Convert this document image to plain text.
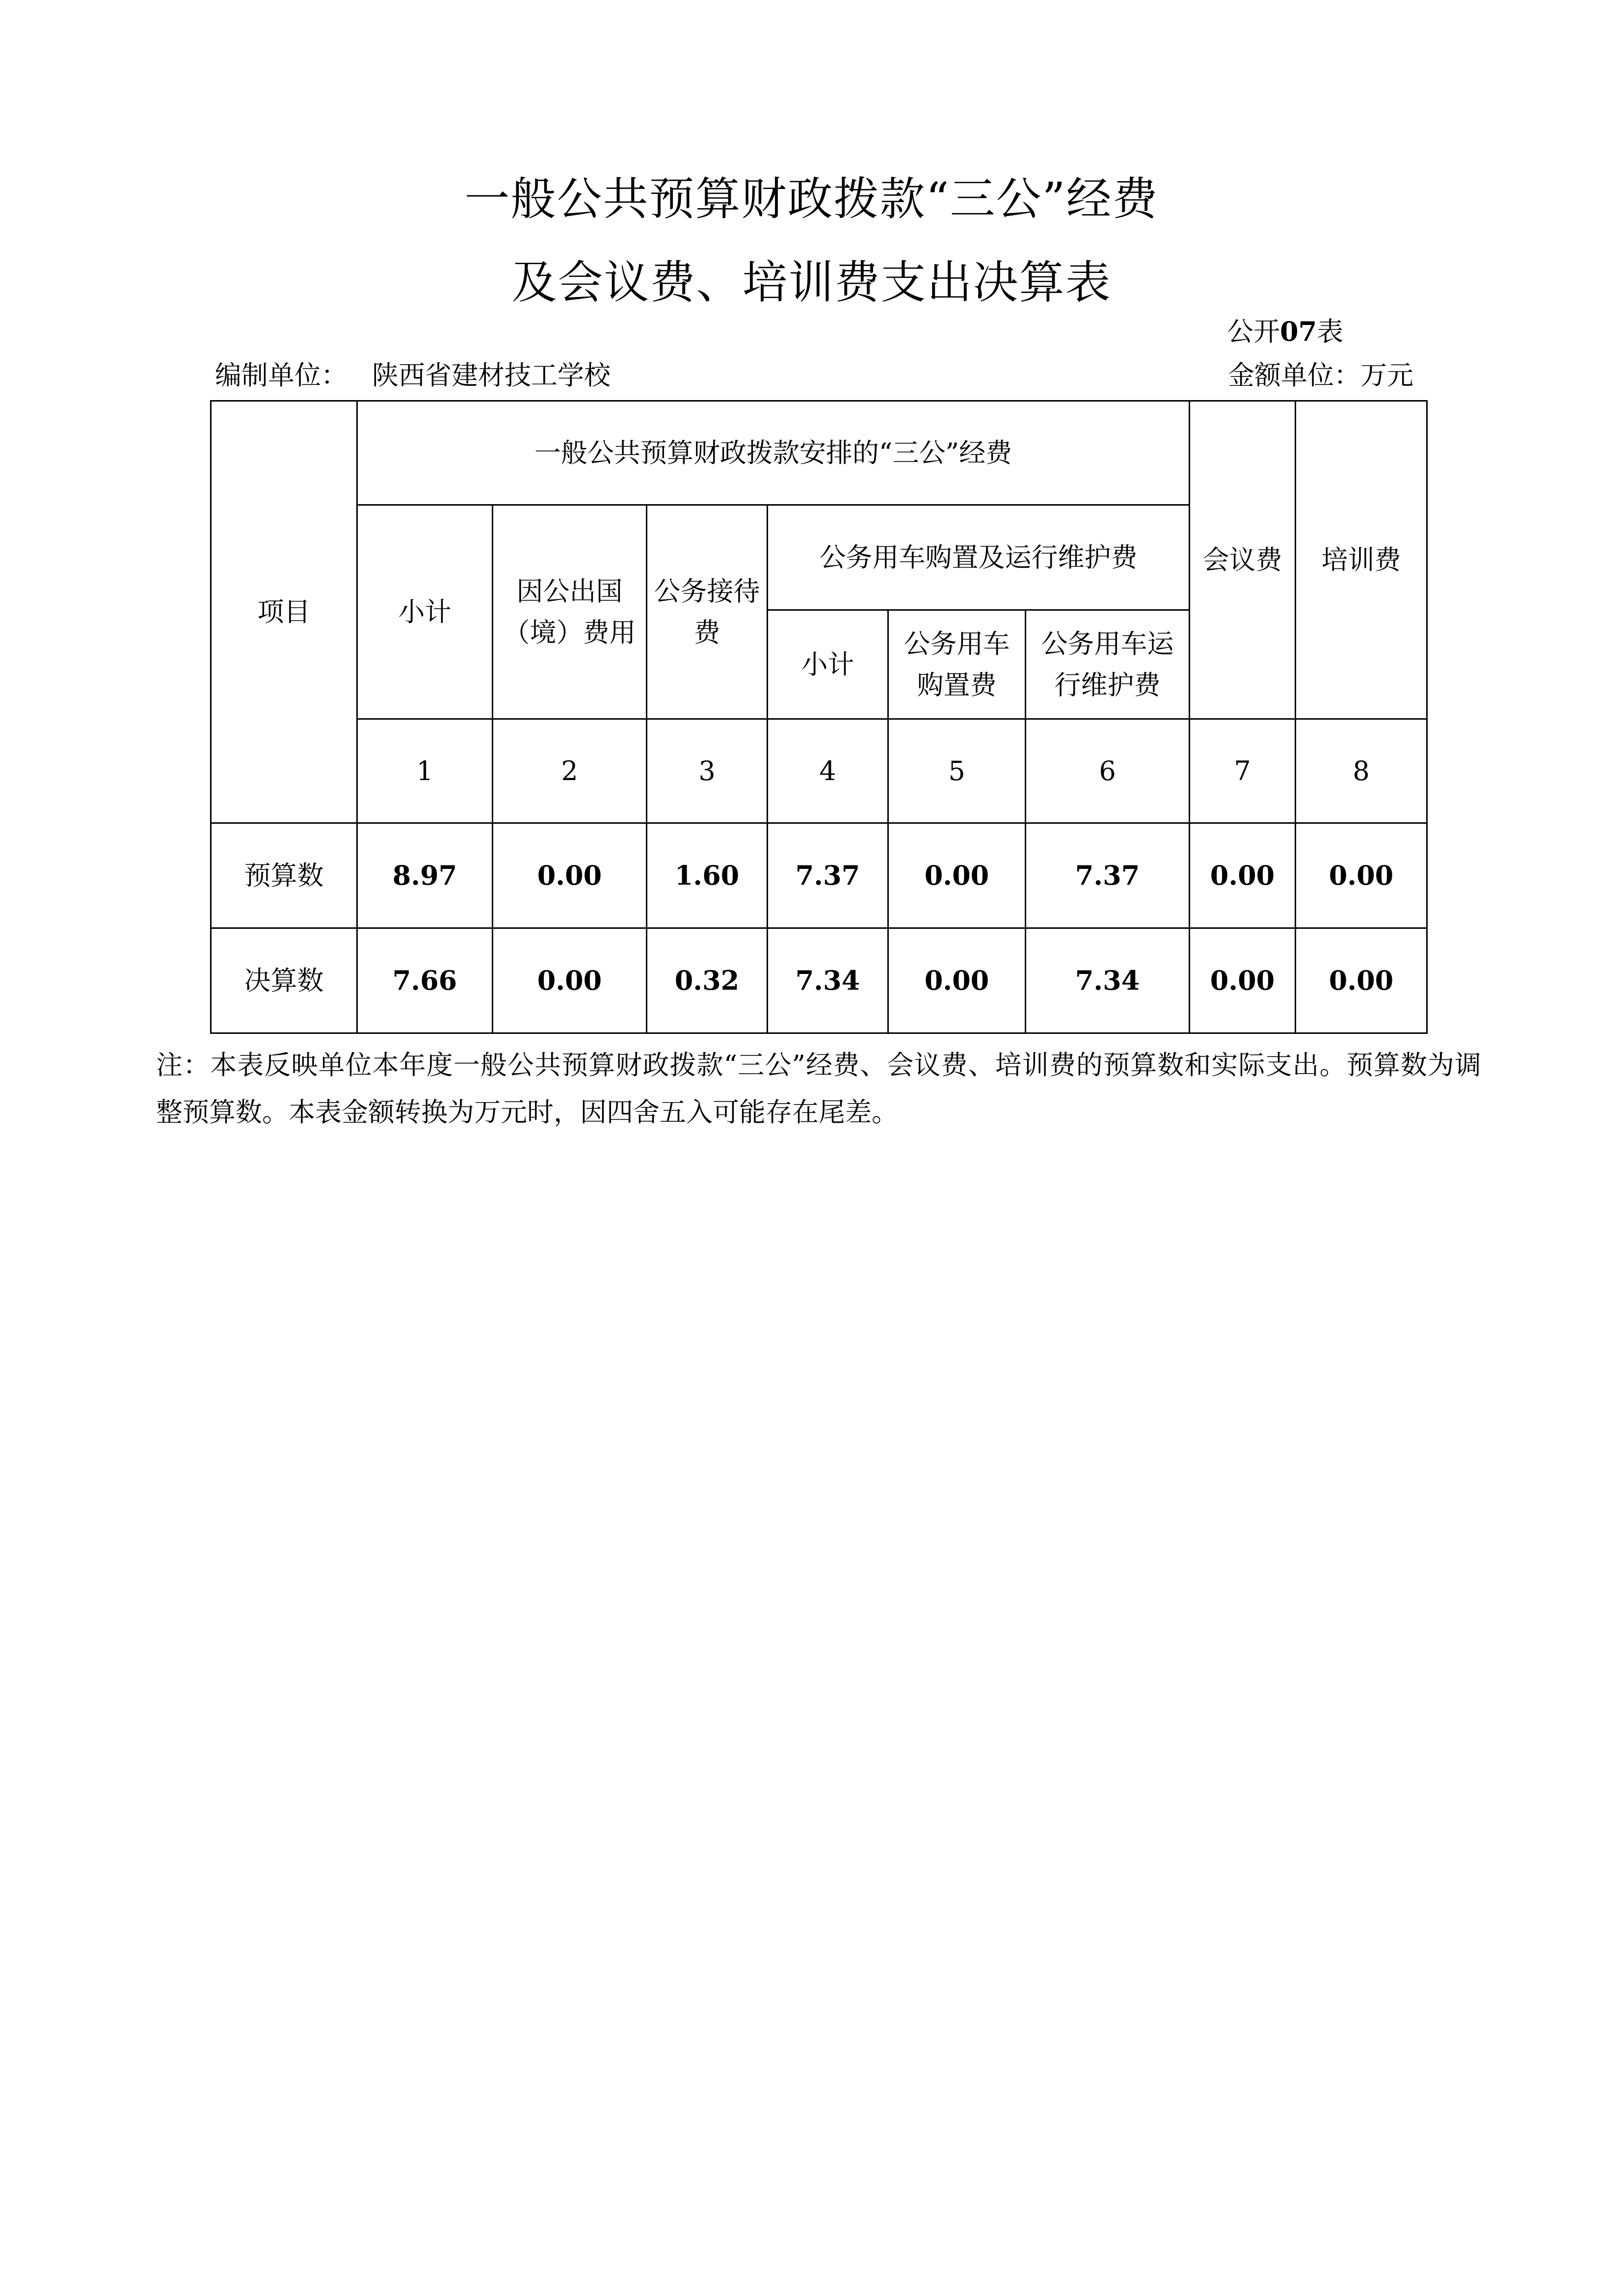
一般公共预算财政拨款“三公”经费
及会议费、培训费支出决算表
公开07表
编制单位： 陕西省建材技工学校	金额单位：万元
项目	一般公共预算财政拨款安排的“三公”经费						会议费	培训费
	小计	因公出国（境）费用	公务接待费	公务用车购置及运行维护费				
				小计	公务用车购置费	公务用车运行维护费		
	1	2	3	4	5	6	7	8
预算数	8.97	0.00	1.60	7.37	0.00	7.37	0.00	0.00
决算数	7.66	0.00	0.32	7.34	0.00	7.34	0.00	0.00
注：本表反映单位本年度一般公共预算财政拨款“三公”经费、会议费、培训费的预算数和实际支出。预算数为调整预算数。本表金额转换为万元时，因四舍五入可能存在尾差。
